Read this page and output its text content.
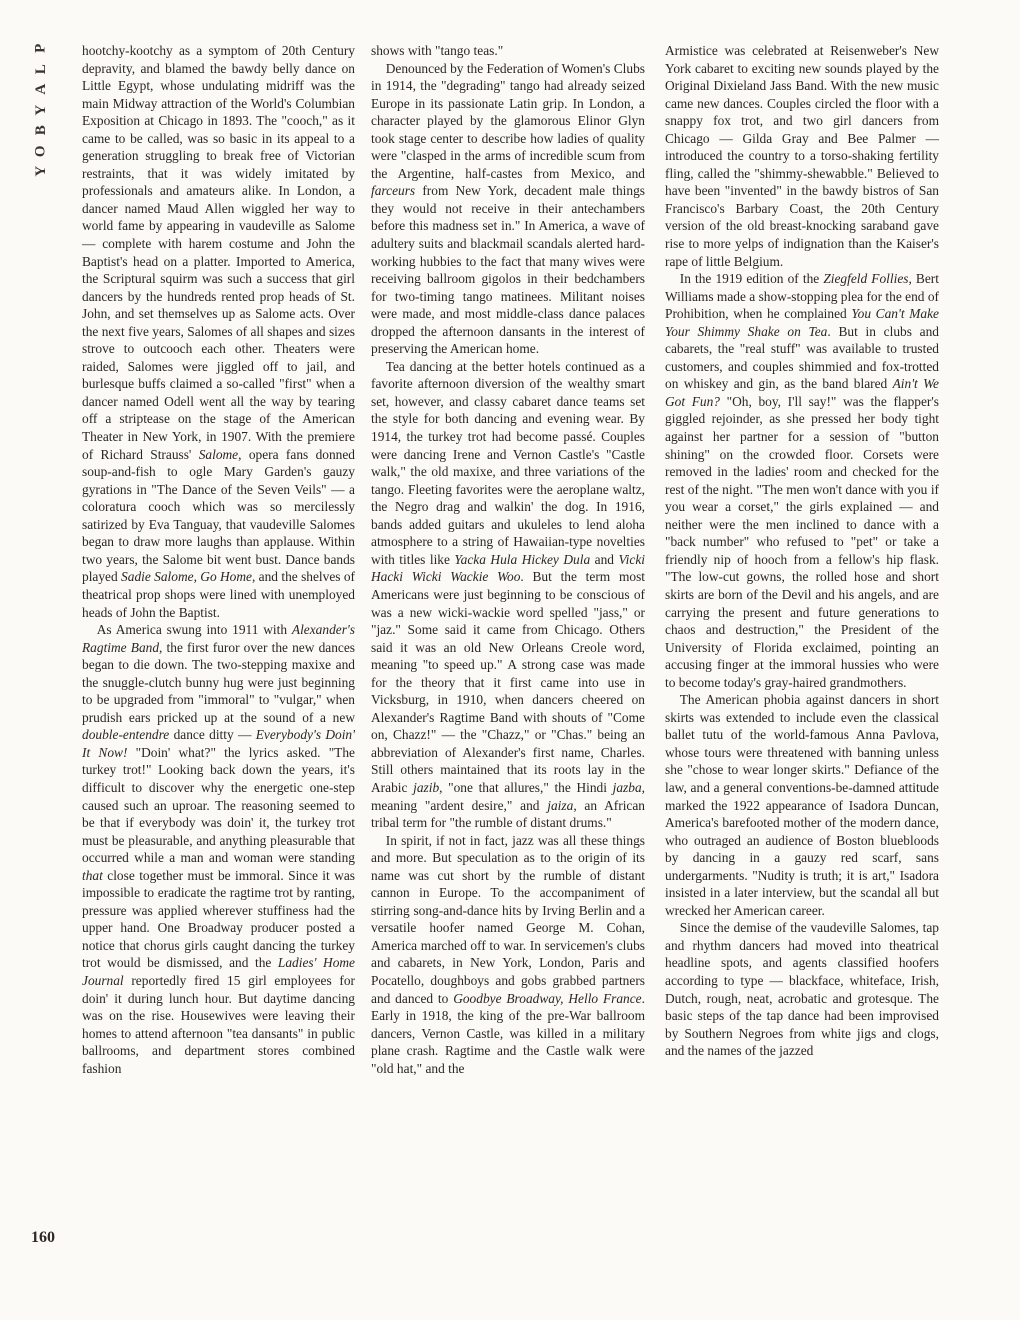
P
L
A
Y
B
O
Y
160

hootchy-kootchy as a symptom of 20th Century depravity, and blamed the bawdy belly dance on Little Egypt, whose undulating midriff was the main Midway attraction of the World's Columbian Exposition at Chicago in 1893. The "cooch," as it came to be called, was so basic in its appeal to a generation struggling to break free of Victorian restraints, that it was widely imitated by professionals and amateurs alike. In London, a dancer named Maud Allen wiggled her way to world fame by appearing in vaudeville as Salome — complete with harem costume and John the Baptist's head on a platter. Imported to America, the Scriptural squirm was such a success that girl dancers by the hundreds rented prop heads of St. John, and set themselves up as Salome acts. Over the next five years, Salomes of all shapes and sizes strove to outcooch each other. Theaters were raided, Salomes were jiggled off to jail, and burlesque buffs claimed a so-called "first" when a dancer named Odell went all the way by tearing off a striptease on the stage of the American Theater in New York, in 1907. With the premiere of Richard Strauss' Salome, opera fans donned soup-and-fish to ogle Mary Garden's gauzy gyrations in "The Dance of the Seven Veils" — a coloratura cooch which was so mercilessly satirized by Eva Tanguay, that vaudeville Salomes began to draw more laughs than applause. Within two years, the Salome bit went bust. Dance bands played Sadie Salome, Go Home, and the shelves of theatrical prop shops were lined with unemployed heads of John the Baptist.

As America swung into 1911 with Alexander's Ragtime Band, the first furor over the new dances began to die down. The two-stepping maxixe and the snuggle-clutch bunny hug were just beginning to be upgraded from "immoral" to "vulgar," when prudish ears pricked up at the sound of a new double-entendre dance ditty — Everybody's Doin' It Now! "Doin' what?" the lyrics asked. "The turkey trot!" Looking back down the years, it's difficult to discover why the energetic one-step caused such an uproar. The reasoning seemed to be that if everybody was doin' it, the turkey trot must be pleasurable, and anything pleasurable that occurred while a man and woman were standing that close together must be immoral. Since it was impossible to eradicate the ragtime trot by ranting, pressure was applied wherever stuffiness had the upper hand. One Broadway producer posted a notice that chorus girls caught dancing the turkey trot would be dismissed, and the Ladies' Home Journal reportedly fired 15 girl employees for doin' it during lunch hour. But daytime dancing was on the rise. Housewives were leaving their homes to attend afternoon "tea dansants" in public ballrooms, and department stores combined fashion

shows with "tango teas."

Denounced by the Federation of Women's Clubs in 1914, the "degrading" tango had already seized Europe in its passionate Latin grip. In London, a character played by the glamorous Elinor Glyn took stage center to describe how ladies of quality were "clasped in the arms of incredible scum from the Argentine, half-castes from Mexico, and farceurs from New York, decadent male things they would not receive in their antechambers before this madness set in." In America, a wave of adultery suits and blackmail scandals alerted hard-working hubbies to the fact that many wives were receiving ballroom gigolos in their bedchambers for two-timing tango matinees. Militant noises were made, and most middle-class dance palaces dropped the afternoon dansants in the interest of preserving the American home.

Tea dancing at the better hotels continued as a favorite afternoon diversion of the wealthy smart set, however, and classy cabaret dance teams set the style for both dancing and evening wear. By 1914, the turkey trot had become passé. Couples were dancing Irene and Vernon Castle's "Castle walk," the old maxixe, and three variations of the tango. Fleeting favorites were the aeroplane waltz, the Negro drag and walkin' the dog. In 1916, bands added guitars and ukuleles to lend aloha atmosphere to a string of Hawaiian-type novelties with titles like Yacka Hula Hickey Dula and Vicki Hacki Wicki Wackie Woo. But the term most Americans were just beginning to be conscious of was a new wicki-wackie word spelled "jass," or "jaz." Some said it came from Chicago. Others said it was an old New Orleans Creole word, meaning "to speed up." A strong case was made for the theory that it first came into use in Vicksburg, in 1910, when dancers cheered on Alexander's Ragtime Band with shouts of "Come on, Chazz!" — the "Chazz," or "Chas." being an abbreviation of Alexander's first name, Charles. Still others maintained that its roots lay in the Arabic jazib, "one that allures," the Hindi jazba, meaning "ardent desire," and jaiza, an African tribal term for "the rumble of distant drums."

In spirit, if not in fact, jazz was all these things and more. But speculation as to the origin of its name was cut short by the rumble of distant cannon in Europe. To the accompaniment of stirring song-and-dance hits by Irving Berlin and a versatile hoofer named George M. Cohan, America marched off to war. In servicemen's clubs and cabarets, in New York, London, Paris and Pocatello, doughboys and gobs grabbed partners and danced to Goodbye Broadway, Hello France. Early in 1918, the king of the pre-War ballroom dancers, Vernon Castle, was killed in a military plane crash. Ragtime and the Castle walk were "old hat," and the

Armistice was celebrated at Reisenweber's New York cabaret to exciting new sounds played by the Original Dixieland Jass Band. With the new music came new dances. Couples circled the floor with a snappy fox trot, and two girl dancers from Chicago — Gilda Gray and Bee Palmer — introduced the country to a torso-shaking fertility fling, called the "shimmy-shewabble." Believed to have been "invented" in the bawdy bistros of San Francisco's Barbary Coast, the 20th Century version of the old breast-knocking saraband gave rise to more yelps of indignation than the Kaiser's rape of little Belgium.

In the 1919 edition of the Ziegfeld Follies, Bert Williams made a show-stopping plea for the end of Prohibition, when he complained You Can't Make Your Shimmy Shake on Tea. But in clubs and cabarets, the "real stuff" was available to trusted customers, and couples shimmied and fox-trotted on whiskey and gin, as the band blared Ain't We Got Fun? "Oh, boy, I'll say!" was the flapper's giggled rejoinder, as she pressed her body tight against her partner for a session of "button shining" on the crowded floor. Corsets were removed in the ladies' room and checked for the rest of the night. "The men won't dance with you if you wear a corset," the girls explained — and neither were the men inclined to dance with a "back number" who refused to "pet" or take a friendly nip of hooch from a fellow's hip flask. "The low-cut gowns, the rolled hose and short skirts are born of the Devil and his angels, and are carrying the present and future generations to chaos and destruction," the President of the University of Florida exclaimed, pointing an accusing finger at the immoral hussies who were to become today's gray-haired grandmothers.

The American phobia against dancers in short skirts was extended to include even the classical ballet tutu of the world-famous Anna Pavlova, whose tours were threatened with banning unless she "chose to wear longer skirts." Defiance of the law, and a general conventions-be-damned attitude marked the 1922 appearance of Isadora Duncan, America's barefooted mother of the modern dance, who outraged an audience of Boston bluebloods by dancing in a gauzy red scarf, sans undergarments. "Nudity is truth; it is art," Isadora insisted in a later interview, but the scandal all but wrecked her American career.

Since the demise of the vaudeville Salomes, tap and rhythm dancers had moved into theatrical headline spots, and agents classified hoofers according to type — blackface, whiteface, Irish, Dutch, rough, neat, acrobatic and grotesque. The basic steps of the tap dance had been improvised by Southern Negroes from white jigs and clogs, and the names of the jazzed
